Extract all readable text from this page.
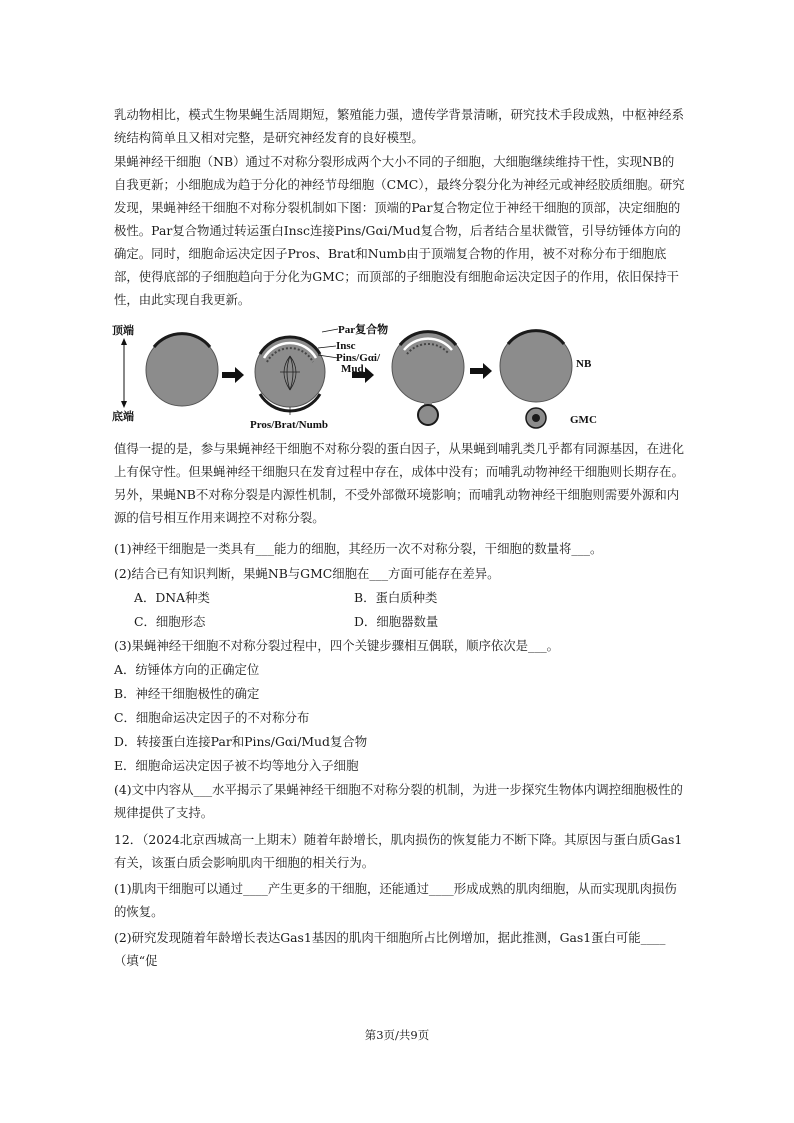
乳动物相比，模式生物果蝇生活周期短，繁殖能力强，遗传学背景清晰，研究技术手段成熟，中枢神经系统结构简单且又相对完整，是研究神经发育的良好模型。

果蝇神经干细胞（NB）通过不对称分裂形成两个大小不同的子细胞，大细胞继续维持干性，实现NB的自我更新；小细胞成为趋于分化的神经节母细胞（CMC），最终分裂分化为神经元或神经胶质细胞。研究发现，果蝇神经干细胞不对称分裂机制如下图：顶端的Par复合物定位于神经干细胞的顶部，决定细胞的极性。Par复合物通过转运蛋白Insc连接Pins/Gαi/Mud复合物，后者结合星状微管，引导纺锤体方向的确定。同时，细胞命运决定因子Pros、Brat和Numb由于顶端复合物的作用，被不对称分布于细胞底部，使得底部的子细胞趋向于分化为GMC；而顶部的子细胞没有细胞命运决定因子的作用，依旧保持干性，由此实现自我更新。

顶端
底端
Par复合物
Insc
Pins/Gαi/
Mud
Pros/Brat/Numb
NB
GMC

值得一提的是，参与果蝇神经干细胞不对称分裂的蛋白因子，从果蝇到哺乳类几乎都有同源基因，在进化上有保守性。但果蝇神经干细胞只在发育过程中存在，成体中没有；而哺乳动物神经干细胞则长期存在。另外，果蝇NB不对称分裂是内源性机制，不受外部微环境影响；而哺乳动物神经干细胞则需要外源和内源的信号相互作用来调控不对称分裂。

(1)神经干细胞是一类具有___能力的细胞，其经历一次不对称分裂，干细胞的数量将___。

(2)结合已有知识判断，果蝇NB与GMC细胞在___方面可能存在差异。

A．DNA种类	B．蛋白质种类
C．细胞形态	D．细胞器数量

(3)果蝇神经干细胞不对称分裂过程中，四个关键步骤相互偶联，顺序依次是___。

A．纺锤体方向的正确定位
B．神经干细胞极性的确定
C．细胞命运决定因子的不对称分布
D．转接蛋白连接Par和Pins/Gαi/Mud复合物
E．细胞命运决定因子被不均等地分入子细胞

(4)文中内容从___水平揭示了果蝇神经干细胞不对称分裂的机制，为进一步探究生物体内调控细胞极性的规律提供了支持。

12．（2024北京西城高一上期末）随着年龄增长，肌肉损伤的恢复能力不断下降。其原因与蛋白质Gas1有关，该蛋白质会影响肌肉干细胞的相关行为。

(1)肌肉干细胞可以通过____产生更多的干细胞，还能通过____形成成熟的肌肉细胞，从而实现肌肉损伤的恢复。

(2)研究发现随着年龄增长表达Gas1基因的肌肉干细胞所占比例增加，据此推测，Gas1蛋白可能____（填“促

第3页/共9页
